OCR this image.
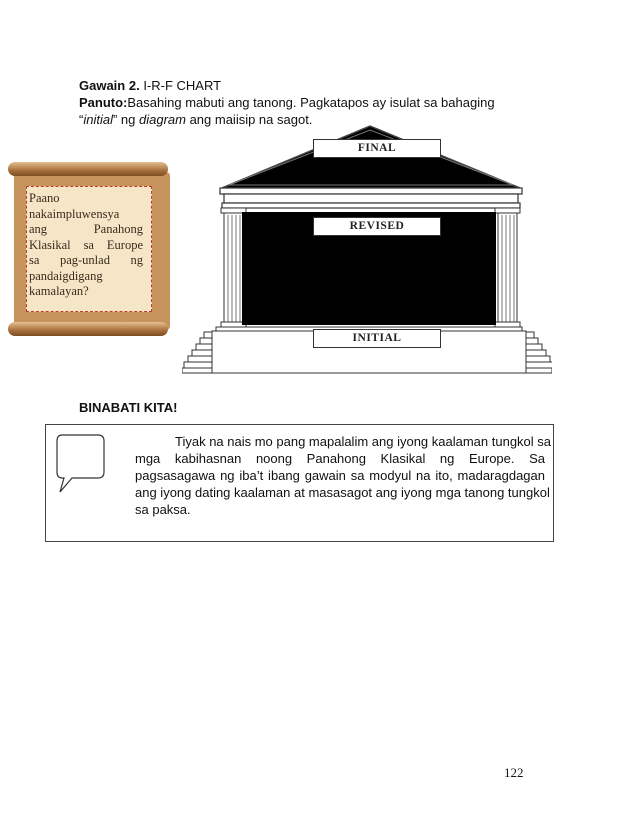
Gawain 2. I-R-F CHART
Panuto:Basahing mabuti ang tanong. Pagkatapos ay isulat sa bahaging
“initial” ng diagram ang maiisip na sagot.
Paano
nakaimpluwensya
ang Panahong
Klasikal sa Europe
sa pag-unlad ng
pandaigdigang
kamalayan?
FINAL
REVISED
INITIAL
BINABATI KITA!
Tiyak na nais mo pang mapalalim ang iyong kaalaman tungkol sa
mga kabihasnan noong Panahong Klasikal ng Europe. Sa
pagsasagawa ng iba’t ibang gawain sa modyul na ito, madaragdagan
ang iyong dating kaalaman at masasagot ang iyong mga tanong tungkol
sa paksa.
122
